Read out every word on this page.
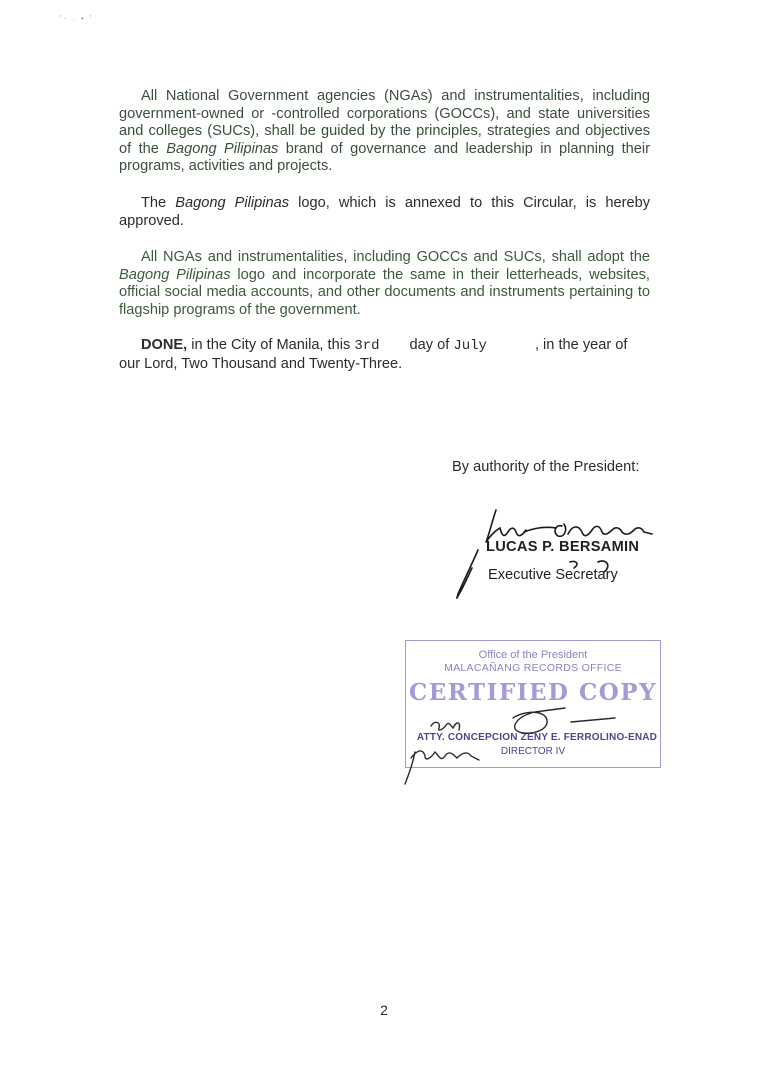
'· . • '

All National Government agencies (NGAs) and instrumentalities, including government-owned or -controlled corporations (GOCCs), and state universities and colleges (SUCs), shall be guided by the principles, strategies and objectives of the Bagong Pilipinas brand of governance and leadership in planning their programs, activities and projects.

The Bagong Pilipinas logo, which is annexed to this Circular, is hereby approved.

All NGAs and instrumentalities, including GOCCs and SUCs, shall adopt the Bagong Pilipinas logo and incorporate the same in their letterheads, websites, official social media accounts, and other documents and instruments pertaining to flagship programs of the government.

DONE, in the City of Manila, this 3rd day of July	, in the year of our Lord, Two Thousand and Twenty-Three.

By authority of the President:
LUCAS P. BERSAMIN
Executive Secretary
Office of the President
MALACAÑANG RECORDS OFFICE
CERTIFIED COPY
ATTY. CONCEPCION ZENY E. FERROLINO-ENAD
DIRECTOR IV
2
